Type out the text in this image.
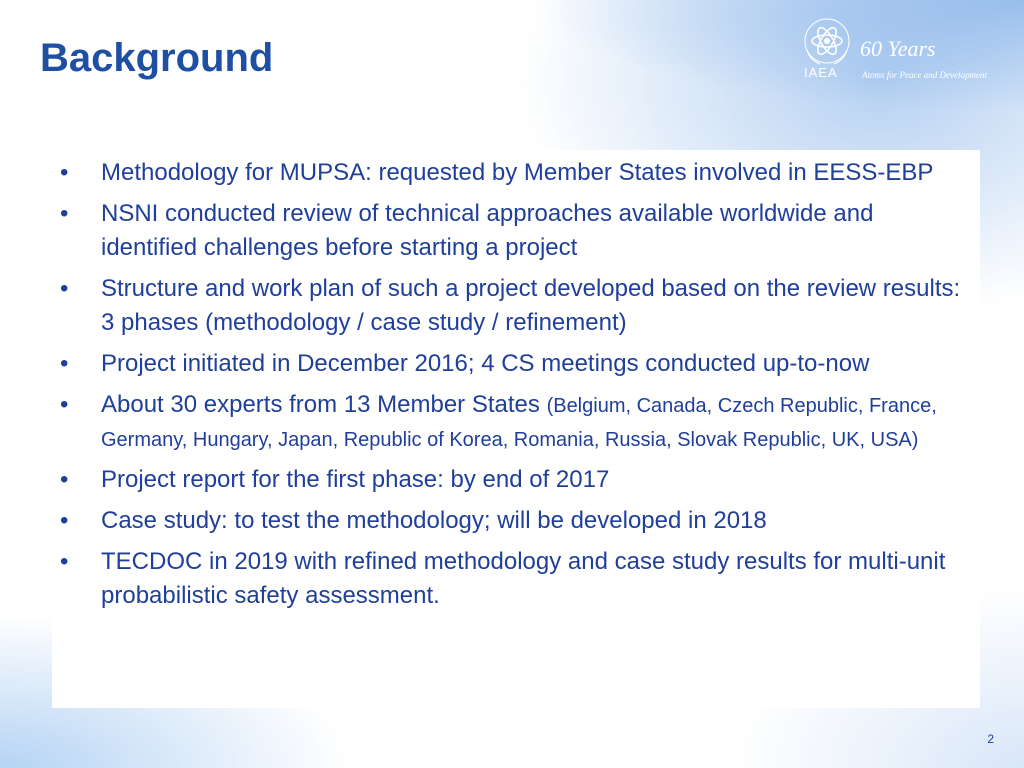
Background	IAEA
60 Years
Atoms for Peace and Development
• Methodology for MUPSA: requested by Member States involved in EESS-EBP
• NSNI conducted review of technical approaches available worldwide and identified challenges before starting a project
• Structure and work plan of such a project developed based on the review results: 3 phases (methodology / case study / refinement)
• Project initiated in December 2016; 4 CS meetings conducted up-to-now
• About 30 experts from 13 Member States (Belgium, Canada, Czech Republic, France, Germany, Hungary, Japan, Republic of Korea, Romania, Russia, Slovak Republic, UK, USA)
• Project report for the first phase: by end of 2017
• Case study: to test the methodology; will be developed in 2018
• TECDOC in 2019 with refined methodology and case study results for multi-unit probabilistic safety assessment.
2
